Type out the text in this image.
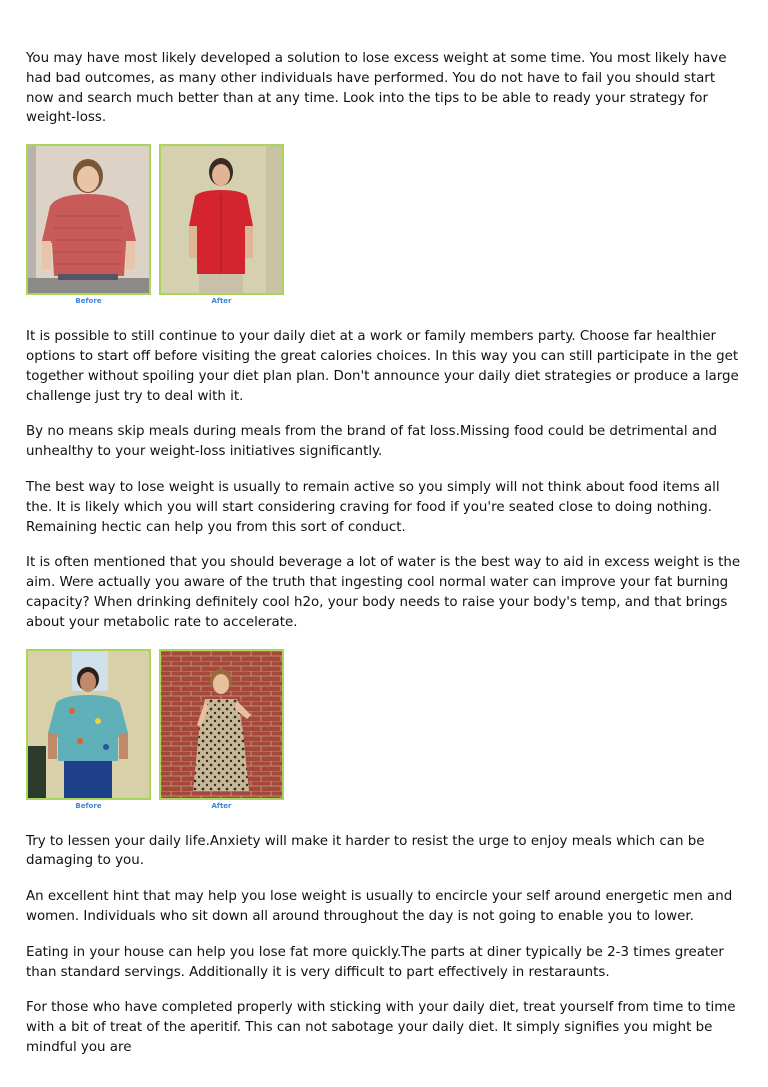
You may have most likely developed a solution to lose excess weight at some time. You most likely have had bad outcomes, as many other individuals have performed. You do not have to fail you should start now and search much better than at any time. Look into the tips to be able to ready your strategy for weight-loss.

Before	After

It is possible to still continue to your daily diet at a work or family members party. Choose far healthier options to start off before visiting the great calories choices. In this way you can still participate in the get together without spoiling your diet plan plan. Don't announce your daily diet strategies or produce a large challenge just try to deal with it.

By no means skip meals during meals from the brand of fat loss.Missing food could be detrimental and unhealthy to your weight-loss initiatives significantly.

The best way to lose weight is usually to remain active so you simply will not think about food items all the. It is likely which you will start considering craving for food if you're seated close to doing nothing. Remaining hectic can help you from this sort of conduct.

It is often mentioned that you should beverage a lot of water is the best way to aid in excess weight is the aim. Were actually you aware of the truth that ingesting cool normal water can improve your fat burning capacity? When drinking definitely cool h2o, your body needs to raise your body's temp, and that brings about your metabolic rate to accelerate.

Before	After

Try to lessen your daily life.Anxiety will make it harder to resist the urge to enjoy meals which can be damaging to you.

An excellent hint that may help you lose weight is usually to encircle your self around energetic men and women. Individuals who sit down all around throughout the day is not going to enable you to lower.

Eating in your house can help you lose fat more quickly.The parts at diner typically be 2-3 times greater than standard servings. Additionally it is very difficult to part effectively in restaraunts.

For those who have completed properly with sticking with your daily diet, treat yourself from time to time with a bit of treat of the aperitif. This can not sabotage your daily diet. It simply signifies you might be mindful you are
